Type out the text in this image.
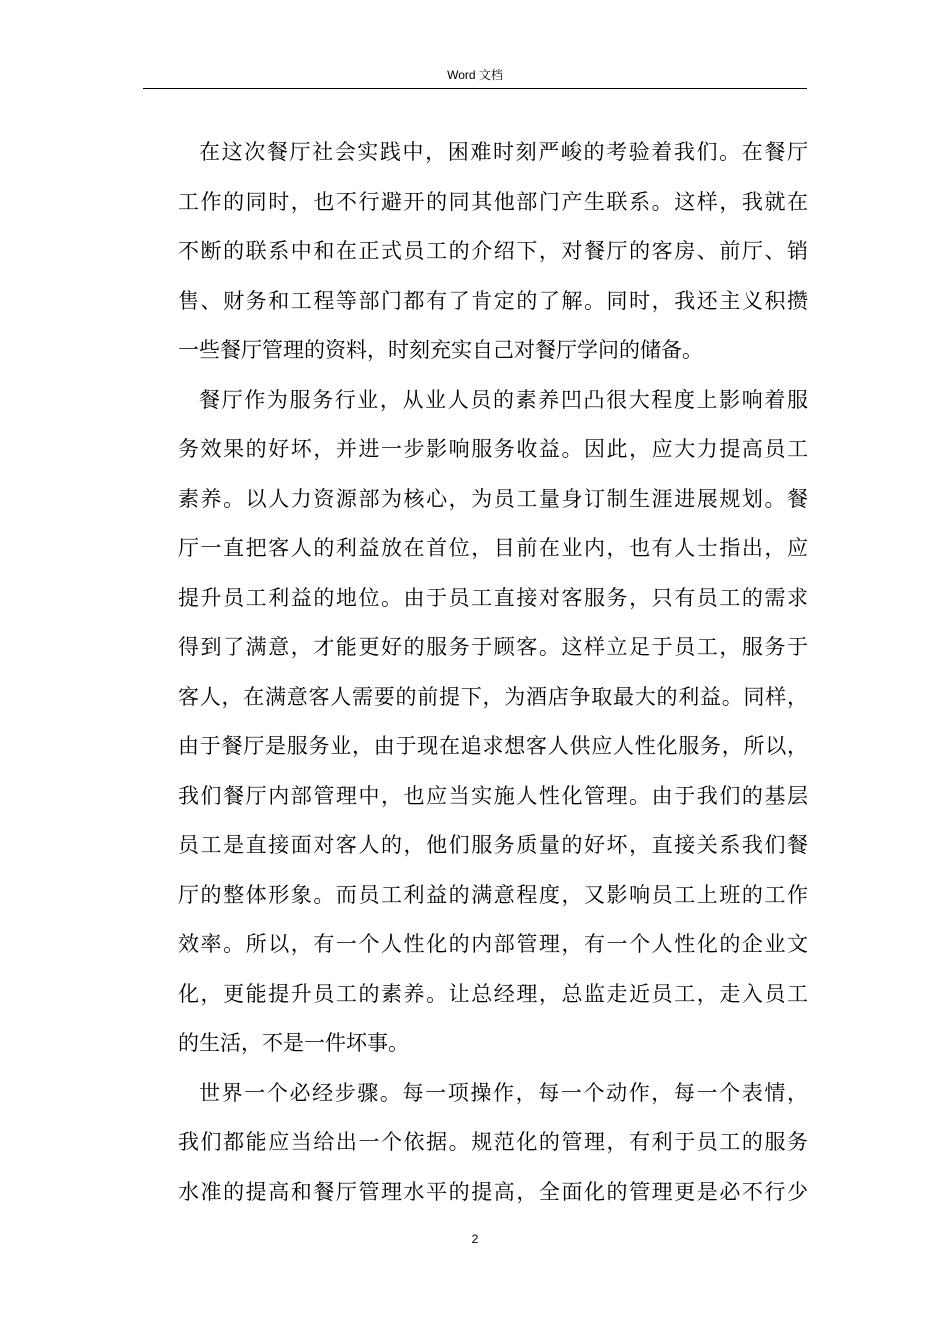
Word 文档
在这次餐厅社会实践中，困难时刻严峻的考验着我们。在餐厅
工作的同时，也不行避开的同其他部门产生联系。这样，我就在
不断的联系中和在正式员工的介绍下，对餐厅的客房、前厅、销
售、财务和工程等部门都有了肯定的了解。同时，我还主义积攒
一些餐厅管理的资料，时刻充实自己对餐厅学问的储备。
餐厅作为服务行业，从业人员的素养凹凸很大程度上影响着服
务效果的好坏，并进一步影响服务收益。因此，应大力提高员工
素养。以人力资源部为核心，为员工量身订制生涯进展规划。餐
厅一直把客人的利益放在首位，目前在业内，也有人士指出，应
提升员工利益的地位。由于员工直接对客服务，只有员工的需求
得到了满意，才能更好的服务于顾客。这样立足于员工，服务于
客人，在满意客人需要的前提下，为酒店争取最大的利益。同样，
由于餐厅是服务业，由于现在追求想客人供应人性化服务，所以，
我们餐厅内部管理中，也应当实施人性化管理。由于我们的基层
员工是直接面对客人的，他们服务质量的好坏，直接关系我们餐
厅的整体形象。而员工利益的满意程度，又影响员工上班的工作
效率。所以，有一个人性化的内部管理，有一个人性化的企业文
化，更能提升员工的素养。让总经理，总监走近员工，走入员工
的生活，不是一件坏事。
世界一个必经步骤。每一项操作，每一个动作，每一个表情，
我们都能应当给出一个依据。规范化的管理，有利于员工的服务
水准的提高和餐厅管理水平的提高，全面化的管理更是必不行少
2
